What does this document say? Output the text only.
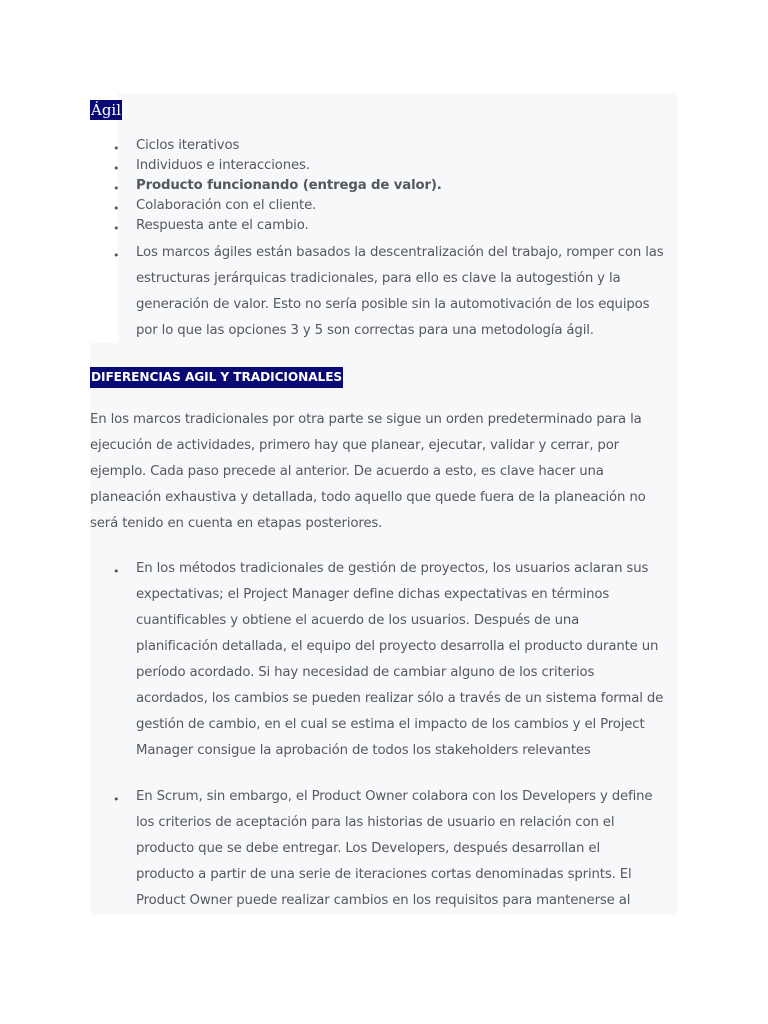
Ágil
• Ciclos iterativos
• Individuos e interacciones.
• Producto funcionando (entrega de valor).
• Colaboración con el cliente.
• Respuesta ante el cambio.
• Los marcos ágiles están basados la descentralización del trabajo, romper con las
estructuras jerárquicas tradicionales, para ello es clave la autogestión y la
generación de valor. Esto no sería posible sin la automotivación de los equipos
por lo que las opciones 3 y 5 son correctas para una metodología ágil.
DIFERENCIAS AGIL Y TRADICIONALES
En los marcos tradicionales por otra parte se sigue un orden predeterminado para la
ejecución de actividades, primero hay que planear, ejecutar, validar y cerrar, por
ejemplo. Cada paso precede al anterior. De acuerdo a esto, es clave hacer una
planeación exhaustiva y detallada, todo aquello que quede fuera de la planeación no
será tenido en cuenta en etapas posteriores.
• En los métodos tradicionales de gestión de proyectos, los usuarios aclaran sus
expectativas; el Project Manager define dichas expectativas en términos
cuantificables y obtiene el acuerdo de los usuarios. Después de una
planificación detallada, el equipo del proyecto desarrolla el producto durante un
período acordado. Si hay necesidad de cambiar alguno de los criterios
acordados, los cambios se pueden realizar sólo a través de un sistema formal de
gestión de cambio, en el cual se estima el impacto de los cambios y el Project
Manager consigue la aprobación de todos los stakeholders relevantes
• En Scrum, sin embargo, el Product Owner colabora con los Developers y define
los criterios de aceptación para las historias de usuario en relación con el
producto que se debe entregar. Los Developers, después desarrollan el
producto a partir de una serie de iteraciones cortas denominadas sprints. El
Product Owner puede realizar cambios en los requisitos para mantenerse al
